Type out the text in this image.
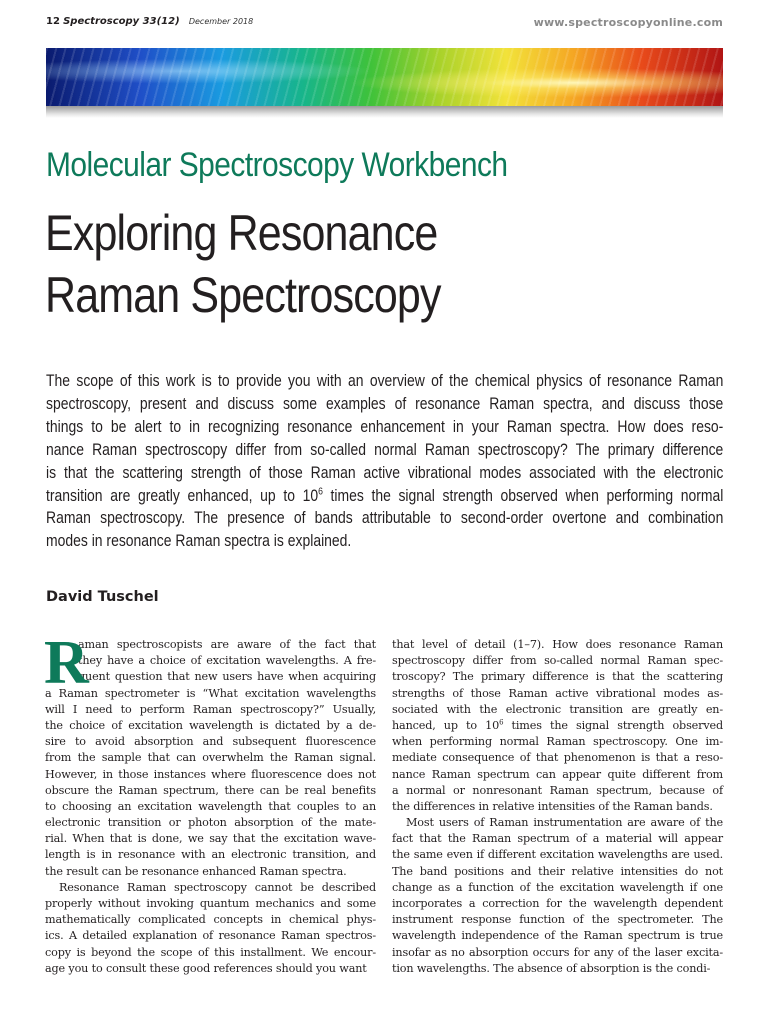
12 Spectroscopy 33(12) December 2018	www.spectroscopyonline.com
Molecular Spectroscopy Workbench
Exploring Resonance
Raman Spectroscopy
The scope of this work is to provide you with an overview of the chemical physics of resonance Raman
spectroscopy, present and discuss some examples of resonance Raman spectra, and discuss those
things to be alert to in recognizing resonance enhancement in your Raman spectra. How does reso-
nance Raman spectroscopy differ from so-called normal Raman spectroscopy? The primary difference
is that the scattering strength of those Raman active vibrational modes associated with the electronic
transition are greatly enhanced, up to $10^6$ times the signal strength observed when performing normal
Raman spectroscopy. The presence of bands attributable to second-order overtone and combination
modes in resonance Raman spectra is explained.
David Tuschel
R
aman spectroscopists are aware of the fact that
they have a choice of excitation wavelengths. A fre-
quent question that new users have when acquiring
a Raman spectrometer is “What excitation wavelengths
will I need to perform Raman spectroscopy?” Usually,
the choice of excitation wavelength is dictated by a de-
sire to avoid absorption and subsequent fluorescence
from the sample that can overwhelm the Raman signal.
However, in those instances where fluorescence does not
obscure the Raman spectrum, there can be real benefits
to choosing an excitation wavelength that couples to an
electronic transition or photon absorption of the mate-
rial. When that is done, we say that the excitation wave-
length is in resonance with an electronic transition, and
the result can be resonance enhanced Raman spectra.
Resonance Raman spectroscopy cannot be described
properly without invoking quantum mechanics and some
mathematically complicated concepts in chemical phys-
ics. A detailed explanation of resonance Raman spectros-
copy is beyond the scope of this installment. We encour-
age you to consult these good references should you want
that level of detail (1–7). How does resonance Raman
spectroscopy differ from so-called normal Raman spec-
troscopy? The primary difference is that the scattering
strengths of those Raman active vibrational modes as-
sociated with the electronic transition are greatly en-
hanced, up to $10^6$ times the signal strength observed
when performing normal Raman spectroscopy. One im-
mediate consequence of that phenomenon is that a reso-
nance Raman spectrum can appear quite different from
a normal or nonresonant Raman spectrum, because of
the differences in relative intensities of the Raman bands.
Most users of Raman instrumentation are aware of the
fact that the Raman spectrum of a material will appear
the same even if different excitation wavelengths are used.
The band positions and their relative intensities do not
change as a function of the excitation wavelength if one
incorporates a correction for the wavelength dependent
instrument response function of the spectrometer. The
wavelength independence of the Raman spectrum is true
insofar as no absorption occurs for any of the laser excita-
tion wavelengths. The absence of absorption is the condi-
